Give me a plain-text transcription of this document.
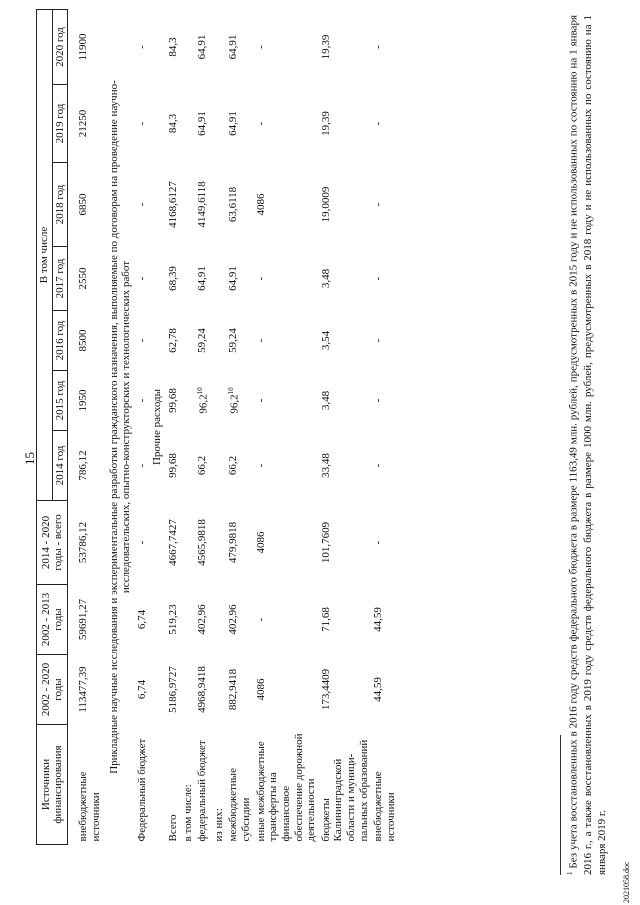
15
Источники финансирования	2002 - 2020 годы	2002 - 2013 годы	2014 - 2020 годы - всего	В том числе						
				2014 год	2015 год	2016 год	2017 год	2018 год	2019 год	2020 год

внебюджетные источники	113477,39	59691,27	53786,12	786,12	1950	8500	2550	6850	21250	11900
Прикладные научные исследования и экспериментальные разработки гражданского назначения, выполняемые по договорам на проведение научно-исследовательских, опытно-конструкторских и технологических работ										
Федеральный бюджет	6,74	6,74	-	-	-	-	-	-	-	-
Прочие расходы										
Всего	5186,9727	519,23	4667,7427	99,68	99,68	62,78	68,39	4168,6127	84,3	84,3
в том числе:										
федеральный бюджет	4968,9418	402,96	4565,9818	66,2	96,2$^{10}$	59,24	64,91	4149,6118	64,91	64,91
из них:										
межбюджетные субсидии	882,9418	402,96	479,9818	66,2	96,2$^{10}$	59,24	64,91	63,6118	64,91	64,91
иные межбюджетные трансферты на финансовое обеспечение дорожной деятельности	4086	-	4086	-	-	-	-	4086	-	-
бюджеты Калининградской области и муници-пальных образований	173,4409	71,68	101,7609	33,48	3,48	3,54	3,48	19,0009	19,39	19,39
внебюджетные источники	44,59	44,59	-	-	-	-	-	-	-	-
$^1$ Без учета восстановленных в 2016 году средств федерального бюджета в размере 1163,49 млн. рублей, предусмотренных в 2015 году и не использованных по состоянию на 1 января 2016 г., а также восстановленных в 2019 году средств федерального бюджета в размере 1000 млн. рублей, предусмотренных в 2018 году и не использованных по состоянию на 1 января 2019 г.
2021058.doc
